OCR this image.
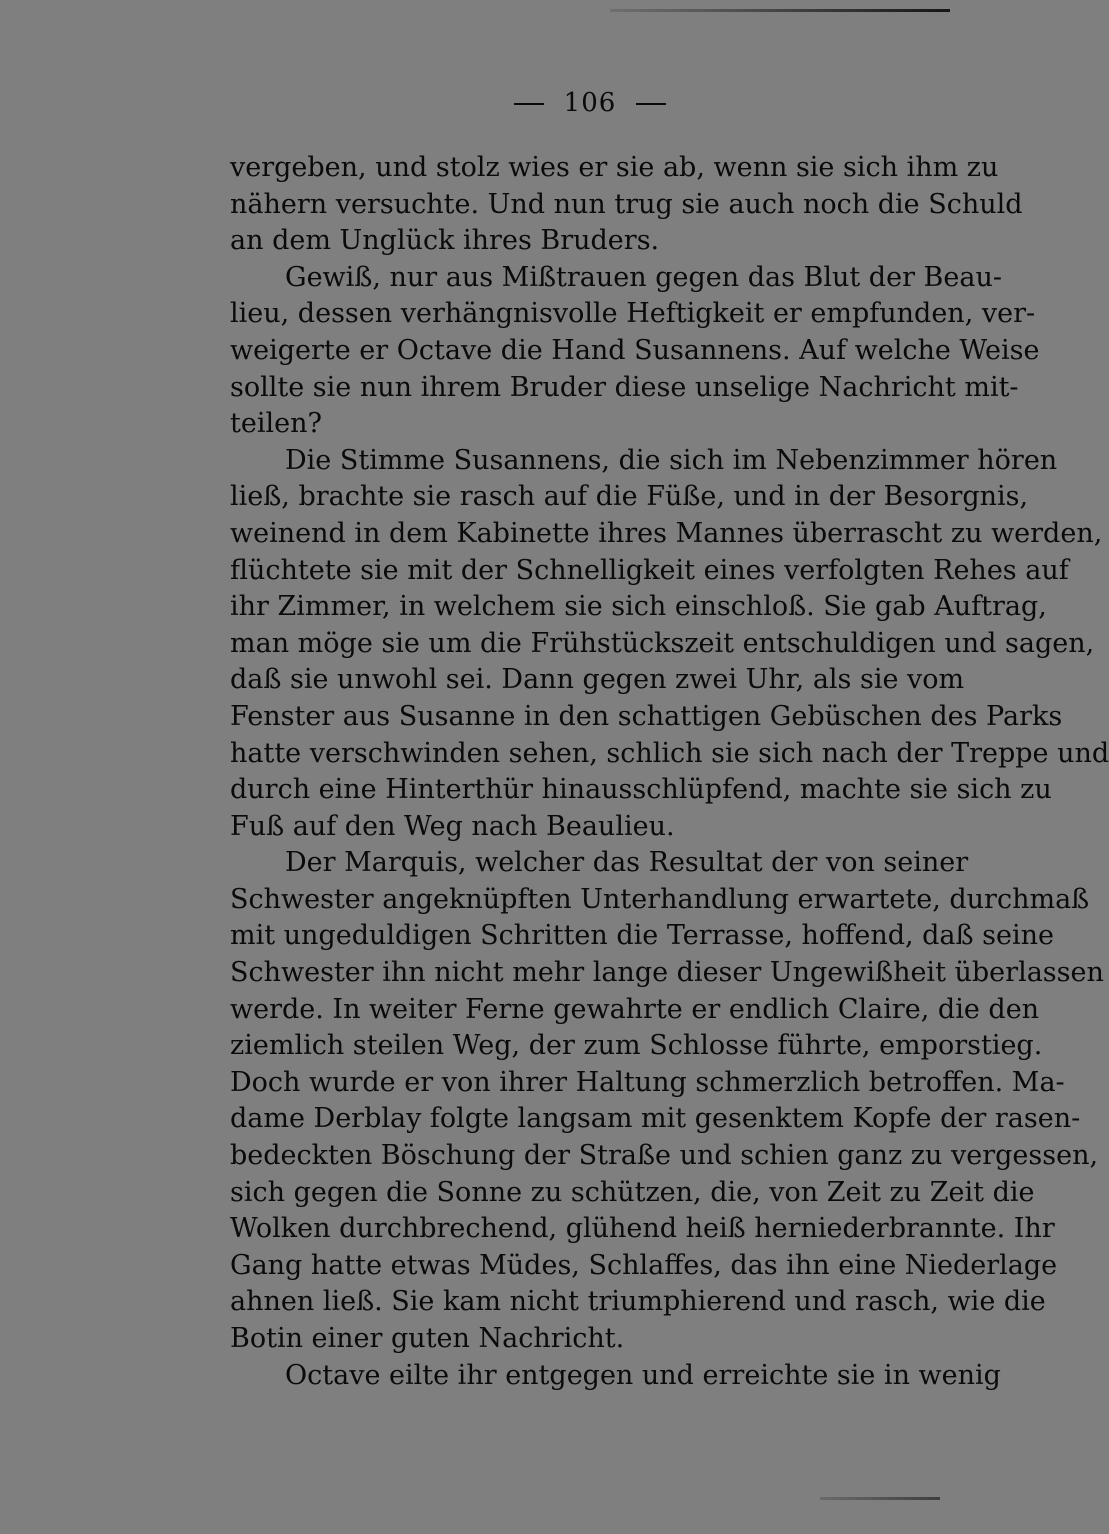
106
vergeben, und stolz wies er sie ab, wenn sie sich ihm zu
nähern versuchte. Und nun trug sie auch noch die Schuld
an dem Unglück ihres Bruders.
Gewiß, nur aus Mißtrauen gegen das Blut der Beau-
lieu, dessen verhängnisvolle Heftigkeit er empfunden, ver-
weigerte er Octave die Hand Susannens. Auf welche Weise
sollte sie nun ihrem Bruder diese unselige Nachricht mit-
teilen?
Die Stimme Susannens, die sich im Nebenzimmer hören
ließ, brachte sie rasch auf die Füße, und in der Besorgnis,
weinend in dem Kabinette ihres Mannes überrascht zu werden,
flüchtete sie mit der Schnelligkeit eines verfolgten Rehes auf
ihr Zimmer, in welchem sie sich einschloß. Sie gab Auftrag,
man möge sie um die Frühstückszeit entschuldigen und sagen,
daß sie unwohl sei. Dann gegen zwei Uhr, als sie vom
Fenster aus Susanne in den schattigen Gebüschen des Parks
hatte verschwinden sehen, schlich sie sich nach der Treppe und
durch eine Hinterthür hinausschlüpfend, machte sie sich zu
Fuß auf den Weg nach Beaulieu.
Der Marquis, welcher das Resultat der von seiner
Schwester angeknüpften Unterhandlung erwartete, durchmaß
mit ungeduldigen Schritten die Terrasse, hoffend, daß seine
Schwester ihn nicht mehr lange dieser Ungewißheit überlassen
werde. In weiter Ferne gewahrte er endlich Claire, die den
ziemlich steilen Weg, der zum Schlosse führte, emporstieg.
Doch wurde er von ihrer Haltung schmerzlich betroffen. Ma-
dame Derblay folgte langsam mit gesenktem Kopfe der rasen-
bedeckten Böschung der Straße und schien ganz zu vergessen,
sich gegen die Sonne zu schützen, die, von Zeit zu Zeit die
Wolken durchbrechend, glühend heiß herniederbrannte. Ihr
Gang hatte etwas Müdes, Schlaffes, das ihn eine Niederlage
ahnen ließ. Sie kam nicht triumphierend und rasch, wie die
Botin einer guten Nachricht.
Octave eilte ihr entgegen und erreichte sie in wenig
